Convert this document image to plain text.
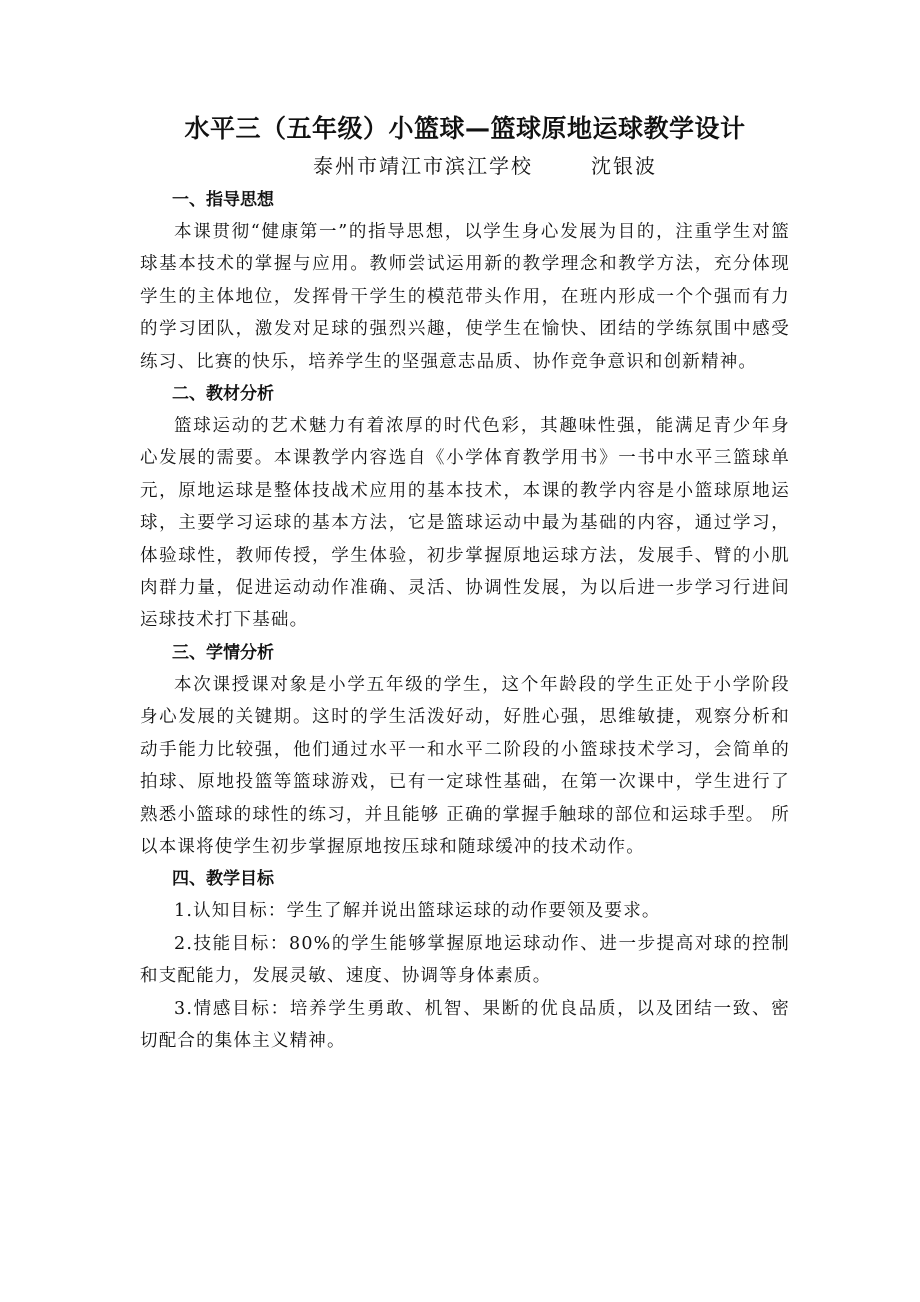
水平三（五年级）小篮球—篮球原地运球教学设计
泰州市靖江市滨江学校	沈银波
一、指导思想

本课贯彻“健康第一”的指导思想，以学生身心发展为目的，注重学生对篮球基本技术的掌握与应用。教师尝试运用新的教学理念和教学方法，充分体现学生的主体地位，发挥骨干学生的模范带头作用，在班内形成一个个强而有力的学习团队，激发对足球的强烈兴趣，使学生在愉快、团结的学练氛围中感受练习、比赛的快乐，培养学生的坚强意志品质、协作竞争意识和创新精神。

二、教材分析

篮球运动的艺术魅力有着浓厚的时代色彩，其趣味性强，能满足青少年身心发展的需要。本课教学内容选自《小学体育教学用书》一书中水平三篮球单元，原地运球是整体技战术应用的基本技术，本课的教学内容是小篮球原地运球，主要学习运球的基本方法，它是篮球运动中最为基础的内容，通过学习，体验球性，教师传授，学生体验，初步掌握原地运球方法，发展手、臂的小肌肉群力量，促进运动动作准确、灵活、协调性发展，为以后进一步学习行进间运球技术打下基础。

三、学情分析

本次课授课对象是小学五年级的学生，这个年龄段的学生正处于小学阶段身心发展的关键期。这时的学生活泼好动，好胜心强，思维敏捷，观察分析和动手能力比较强，他们通过水平一和水平二阶段的小篮球技术学习，会简单的拍球、原地投篮等篮球游戏，已有一定球性基础，在第一次课中，学生进行了熟悉小篮球的球性的练习，并且能够 正确的掌握手触球的部位和运球手型。 所以本课将使学生初步掌握原地按压球和随球缓冲的技术动作。

四、教学目标

1.认知目标：学生了解并说出篮球运球的动作要领及要求。

2.技能目标：80%的学生能够掌握原地运球动作、进一步提高对球的控制和支配能力，发展灵敏、速度、协调等身体素质。

3.情感目标：培养学生勇敢、机智、果断的优良品质，以及团结一致、密切配合的集体主义精神。
